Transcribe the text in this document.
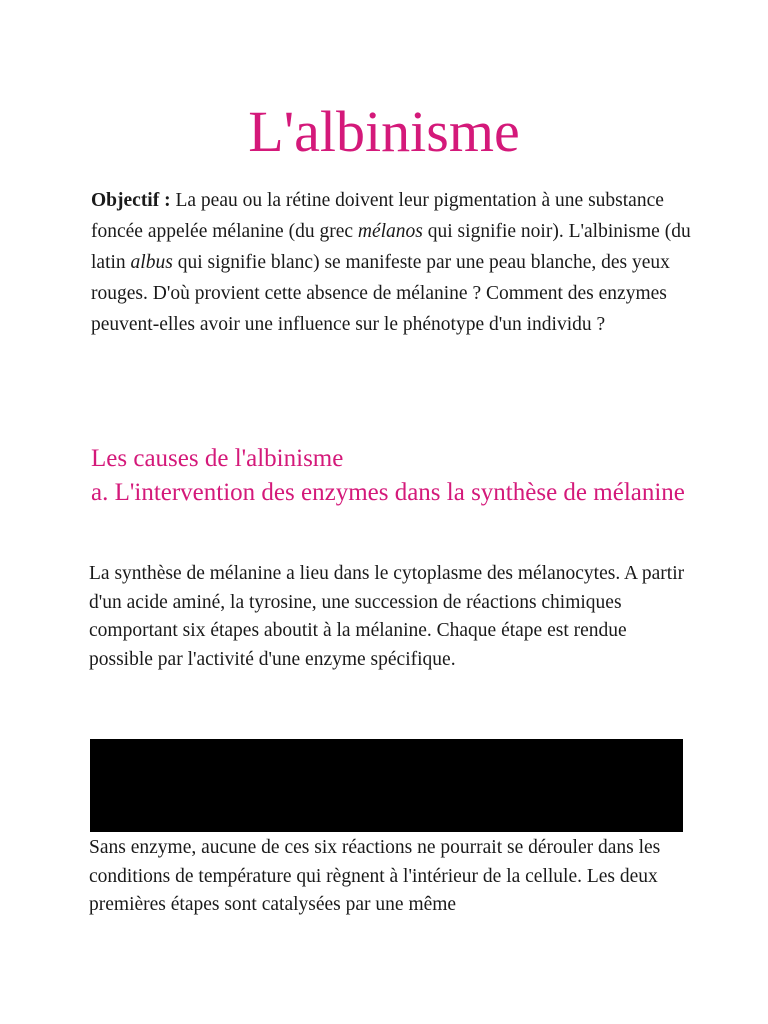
L'albinisme

Objectif : La peau ou la rétine doivent leur pigmentation à une substance foncée appelée mélanine (du grec mélanos qui signifie noir). L'albinisme (du latin albus qui signifie blanc) se manifeste par une peau blanche, des yeux rouges. D'où provient cette absence de mélanine ? Comment des enzymes peuvent-elles avoir une influence sur le phénotype d'un individu ?

Les causes de l'albinisme
a. L'intervention des enzymes dans la synthèse de mélanine

La synthèse de mélanine a lieu dans le cytoplasme des mélanocytes. A partir d'un acide aminé, la tyrosine, une succession de réactions chimiques comportant six étapes aboutit à la mélanine. Chaque étape est rendue possible par l'activité d'une enzyme spécifique.

Sans enzyme, aucune de ces six réactions ne pourrait se dérouler dans les conditions de température qui règnent à l'intérieur de la cellule. Les deux premières étapes sont catalysées par une même
